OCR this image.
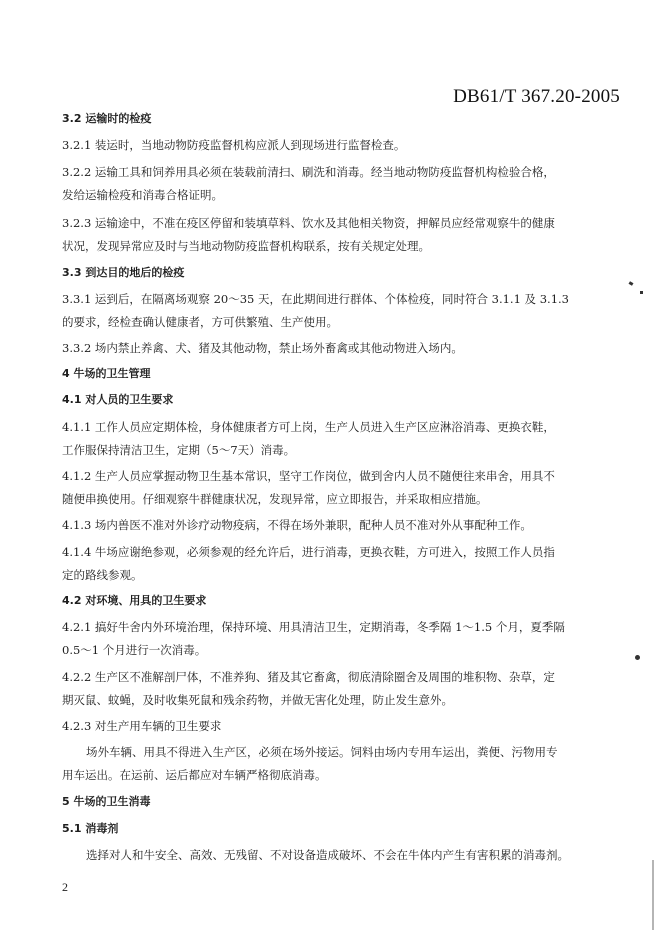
DB61/T 367.20-2005
3.2 运输时的检疫
3.2.1 装运时，当地动物防疫监督机构应派人到现场进行监督检查。
3.2.2 运输工具和饲养用具必须在装载前清扫、刷洗和消毒。经当地动物防疫监督机构检验合格，
发给运输检疫和消毒合格证明。
3.2.3 运输途中，不准在疫区停留和装填草料、饮水及其他相关物资，押解员应经常观察牛的健康
状况，发现异常应及时与当地动物防疫监督机构联系，按有关规定处理。
3.3 到达目的地后的检疫
3.3.1 运到后，在隔离场观察 20～35 天，在此期间进行群体、个体检疫，同时符合 3.1.1 及 3.1.3
的要求，经检查确认健康者，方可供繁殖、生产使用。
3.3.2 场内禁止养禽、犬、猪及其他动物，禁止场外畜禽或其他动物进入场内。
4 牛场的卫生管理
4.1 对人员的卫生要求
4.1.1 工作人员应定期体检，身体健康者方可上岗，生产人员进入生产区应淋浴消毒、更换衣鞋，
工作服保持清洁卫生，定期（5～7天）消毒。
4.1.2 生产人员应掌握动物卫生基本常识，坚守工作岗位，做到舍内人员不随便往来串舍，用具不
随便串换使用。仔细观察牛群健康状况，发现异常，应立即报告，并采取相应措施。
4.1.3 场内兽医不准对外诊疗动物疫病，不得在场外兼职，配种人员不准对外从事配种工作。
4.1.4 牛场应谢绝参观，必须参观的经允许后，进行消毒，更换衣鞋，方可进入，按照工作人员指
定的路线参观。
4.2 对环境、用具的卫生要求
4.2.1 搞好牛舍内外环境治理，保持环境、用具清洁卫生，定期消毒，冬季隔 1～1.5 个月，夏季隔
0.5～1 个月进行一次消毒。
4.2.2 生产区不准解剖尸体，不准养狗、猪及其它畜禽，彻底清除圈舍及周围的堆积物、杂草，定
期灭鼠、蚊蝇，及时收集死鼠和残余药物，并做无害化处理，防止发生意外。
4.2.3 对生产用车辆的卫生要求
场外车辆、用具不得进入生产区，必须在场外接运。饲料由场内专用车运出，粪便、污物用专
用车运出。在运前、运后都应对车辆严格彻底消毒。
5 牛场的卫生消毒
5.1 消毒剂
选择对人和牛安全、高效、无残留、不对设备造成破坏、不会在牛体内产生有害积累的消毒剂。
2
